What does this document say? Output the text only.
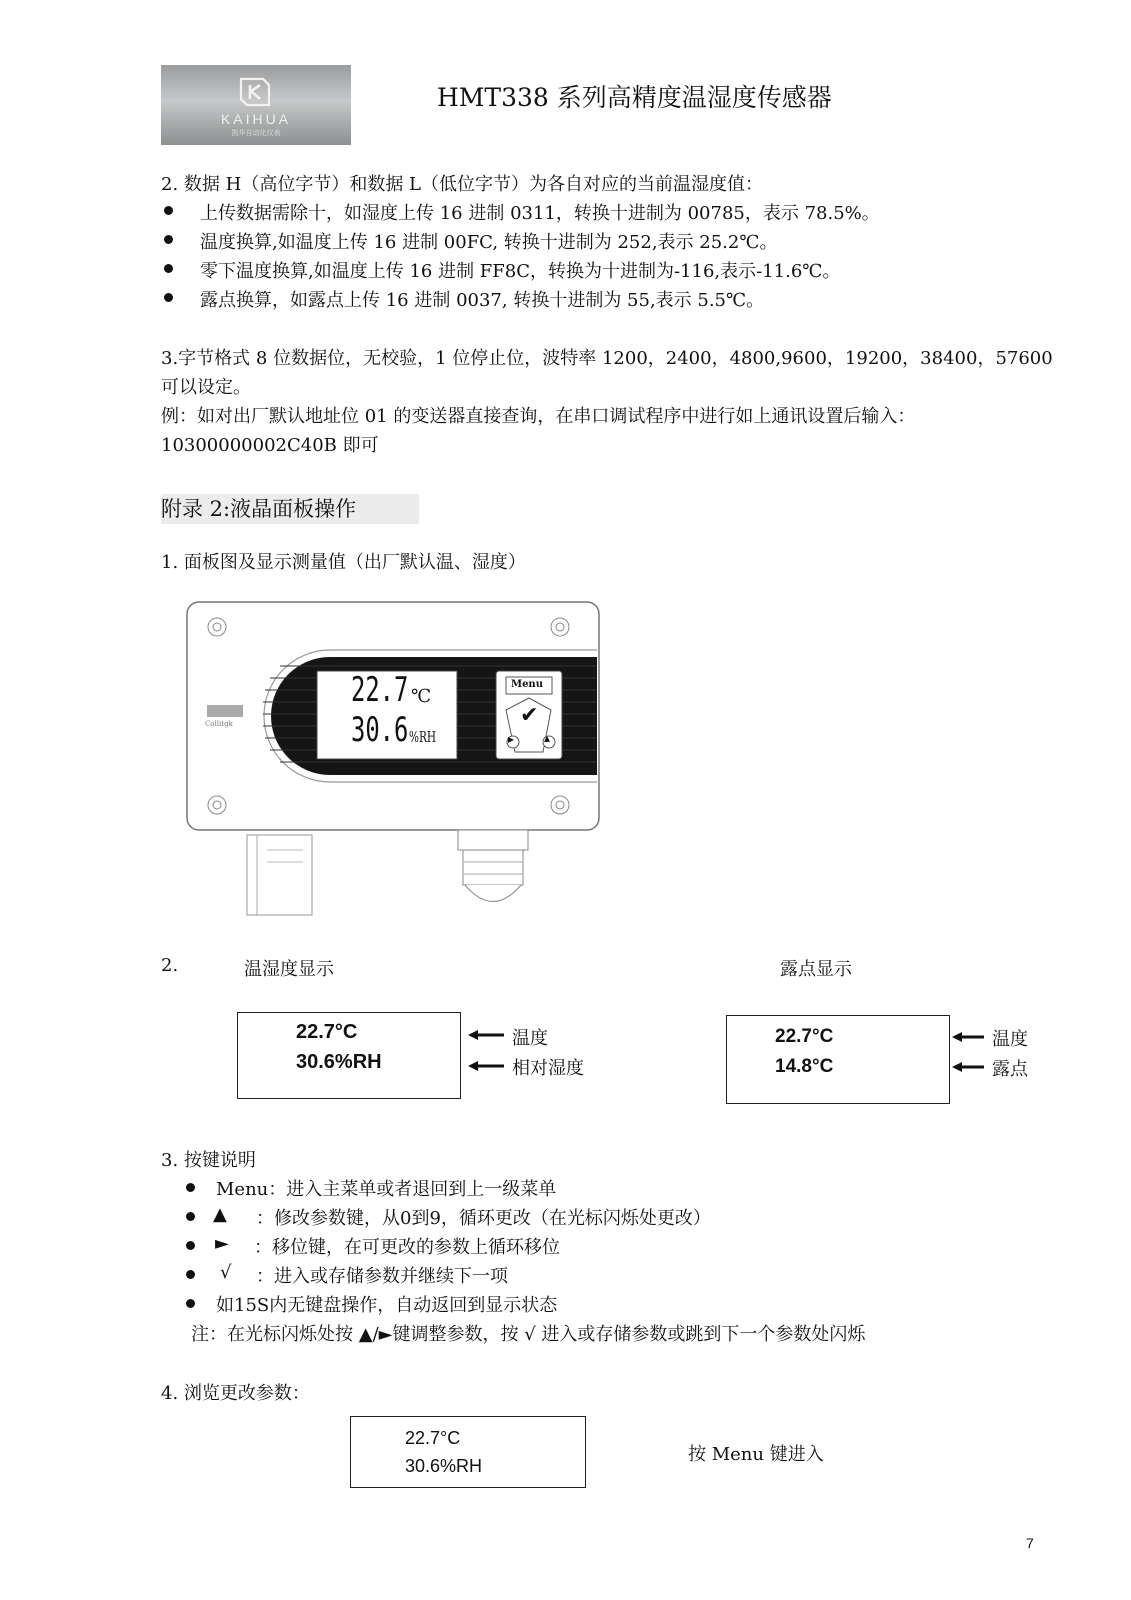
KAIHUA
凯华自动化仪表
HMT338 系列高精度温湿度传感器
2. 数据 H（高位字节）和数据 L（低位字节）为各自对应的当前温湿度值：
上传数据需除十，如湿度上传 16 进制 0311，转换十进制为 00785，表示 78.5%。
温度换算,如温度上传 16 进制 00FC, 转换十进制为 252,表示 25.2℃。
零下温度换算,如温度上传 16 进制 FF8C，转换为十进制为-116,表示-11.6℃。
露点换算，如露点上传 16 进制 0037, 转换十进制为 55,表示 5.5℃。
3.字节格式 8 位数据位，无校验，1 位停止位，波特率 1200，2400，4800,9600，19200，38400，57600
可以设定。
例：如对出厂默认地址位 01 的变送器直接查询，在串口调试程序中进行如上通讯设置后输入：
10300000002C40B 即可
附录 2:液晶面板操作
1. 面板图及显示测量值（出厂默认温、湿度）
22.7 ℃
30.6 %RH
Menu
✔
▸ ▴
Collitgk
2.	温湿度显示	露点显示
22.7°C
30.6%RH
温度
相对湿度
22.7°C
14.8°C
温度
露点
3. 按键说明
Menu：进入主菜单或者退回到上一级菜单
▲ ：修改参数键，从0到9，循环更改（在光标闪烁处更改）
► ：移位键，在可更改的参数上循环移位
√ ：进入或存储参数并继续下一项
如15S内无键盘操作，自动返回到显示状态
注：在光标闪烁处按 ▲/►键调整参数，按 √ 进入或存储参数或跳到下一个参数处闪烁
4. 浏览更改参数：
22.7°C
30.6%RH
按 Menu 键进入
7
